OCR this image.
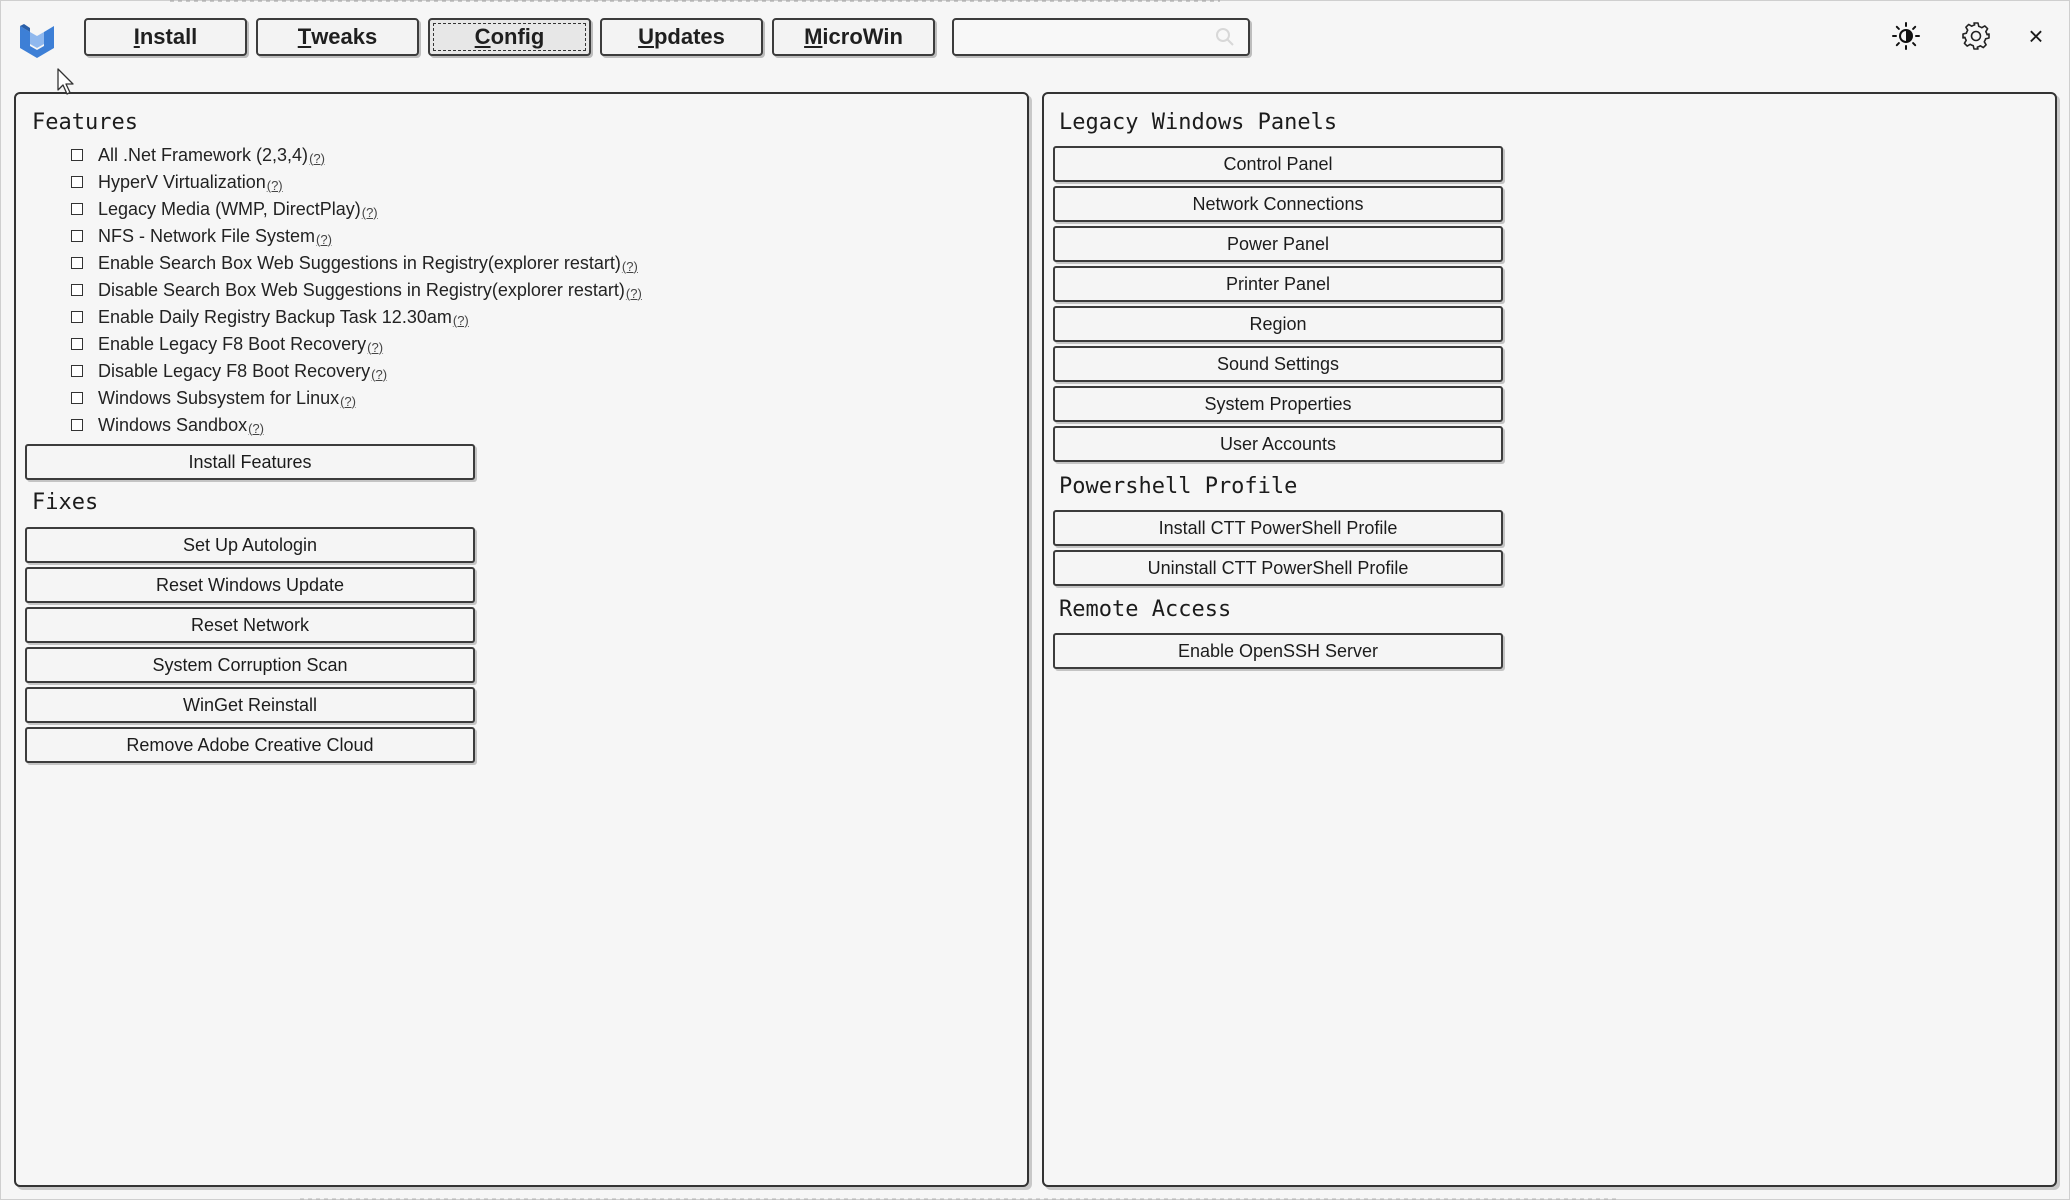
I nstall	T weaks	C onfig	U pdates	M icroWin	×
Features
All .Net Framework (2,3,4) (?)
HyperV Virtualization (?)
Legacy Media (WMP, DirectPlay) (?)
NFS - Network File System (?)
Enable Search Box Web Suggestions in Registry(explorer restart) (?)
Disable Search Box Web Suggestions in Registry(explorer restart) (?)
Enable Daily Registry Backup Task 12.30am (?)
Enable Legacy F8 Boot Recovery (?)
Disable Legacy F8 Boot Recovery (?)
Windows Subsystem for Linux (?)
Windows Sandbox (?)
Install Features
Fixes
Set Up Autologin
Reset Windows Update
Reset Network
System Corruption Scan
WinGet Reinstall
Remove Adobe Creative Cloud
Legacy Windows Panels
Control Panel
Network Connections
Power Panel
Printer Panel
Region
Sound Settings
System Properties
User Accounts
Powershell Profile
Install CTT PowerShell Profile
Uninstall CTT PowerShell Profile
Remote Access
Enable OpenSSH Server
